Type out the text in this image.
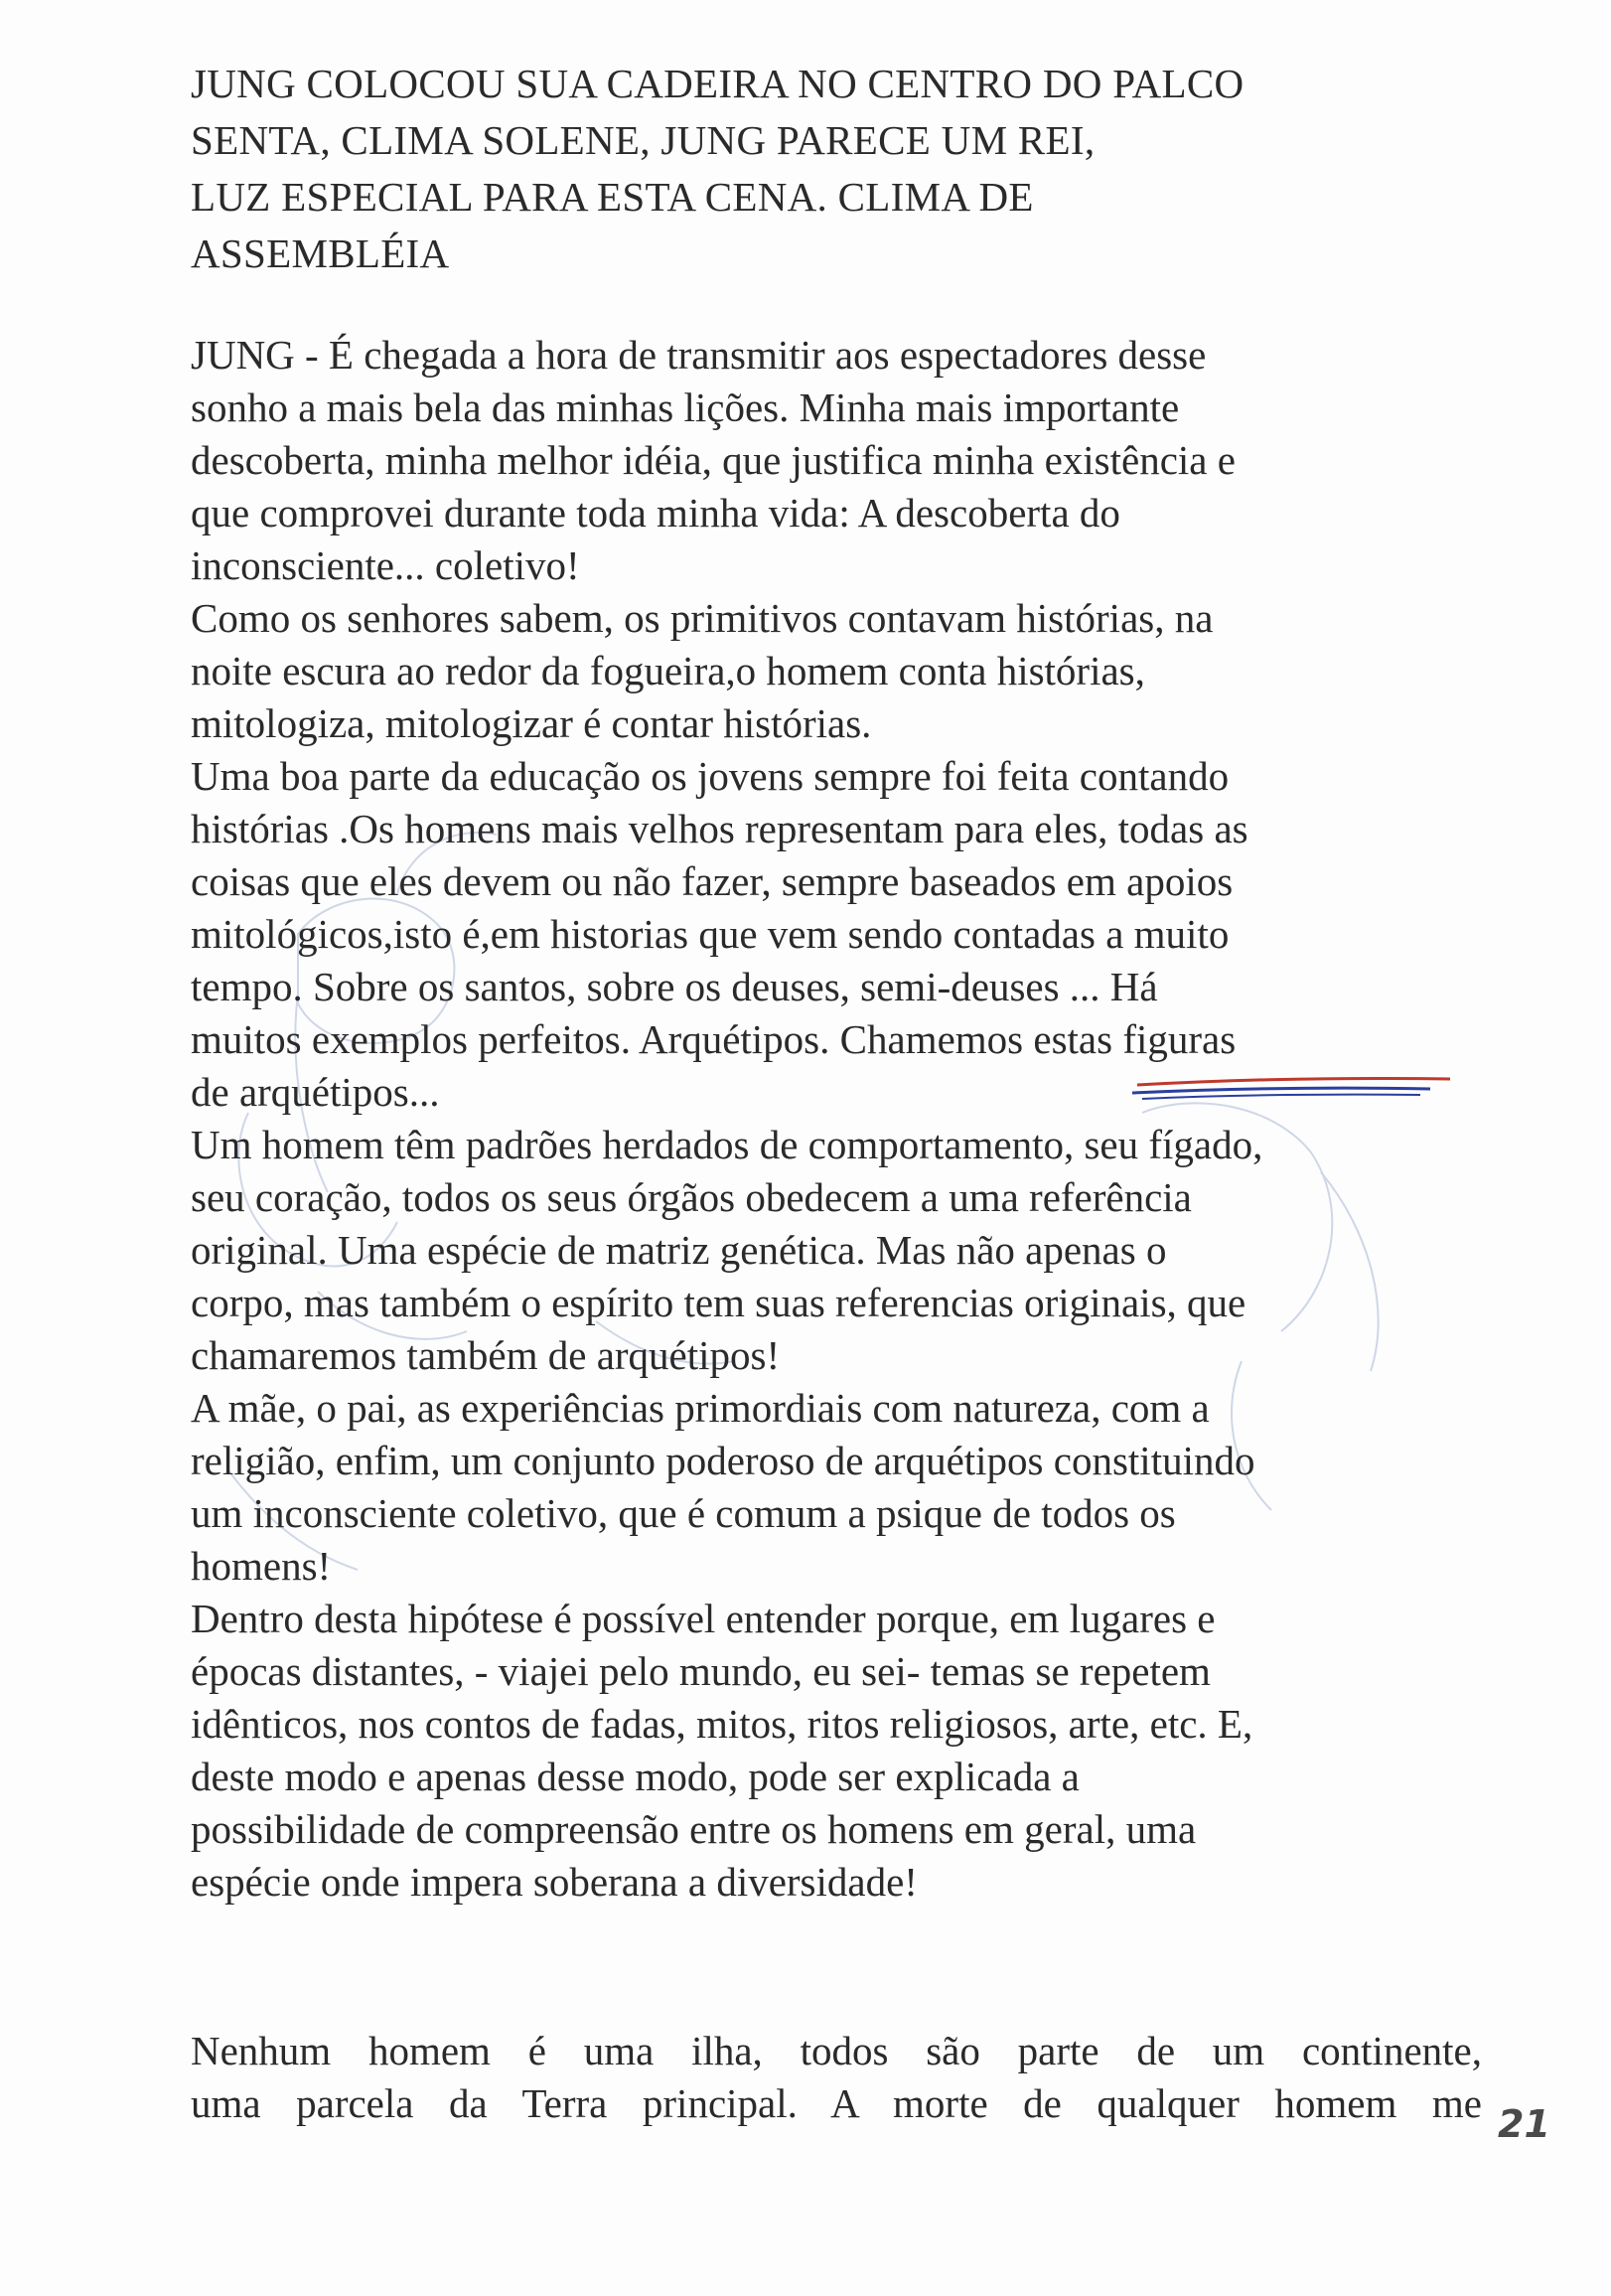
JUNG COLOCOU SUA CADEIRA NO CENTRO DO PALCO
SENTA, CLIMA SOLENE, JUNG PARECE UM REI,
LUZ ESPECIAL PARA ESTA CENA. CLIMA DE
ASSEMBLÉIA
JUNG - É chegada a hora de transmitir aos espectadores desse
sonho a mais bela das minhas lições. Minha mais importante
descoberta, minha melhor idéia, que justifica minha existência e
que comprovei durante toda minha vida: A descoberta do
inconsciente... coletivo!
Como os senhores sabem, os primitivos contavam histórias, na
noite escura ao redor da fogueira,o homem conta histórias,
mitologiza, mitologizar é contar histórias.
Uma boa parte da educação os jovens sempre foi feita contando
histórias .Os homens mais velhos representam para eles, todas as
coisas que eles devem ou não fazer, sempre baseados em apoios
mitológicos,isto é,em historias que vem sendo contadas a muito
tempo. Sobre os santos, sobre os deuses, semi-deuses ... Há
muitos exemplos perfeitos. Arquétipos. Chamemos estas figuras
de arquétipos...
Um homem têm padrões herdados de comportamento, seu fígado,
seu coração, todos os seus órgãos obedecem a uma referência
original. Uma espécie de matriz genética. Mas não apenas o
corpo, mas também o espírito tem suas referencias originais, que
chamaremos também de arquétipos!
A mãe, o pai, as experiências primordiais com natureza, com a
religião, enfim, um conjunto poderoso de arquétipos constituindo
um inconsciente coletivo, que é comum a psique de todos os
homens!
Dentro desta hipótese é possível entender porque, em lugares e
épocas distantes, - viajei pelo mundo, eu sei- temas se repetem
idênticos, nos contos de fadas, mitos, ritos religiosos, arte, etc. E,
deste modo e apenas desse modo, pode ser explicada a
possibilidade de compreensão entre os homens em geral, uma
espécie onde impera soberana a diversidade!
Nenhum homem é uma ilha, todos são parte de um continente,
uma parcela da Terra principal. A morte de qualquer homem me 21
